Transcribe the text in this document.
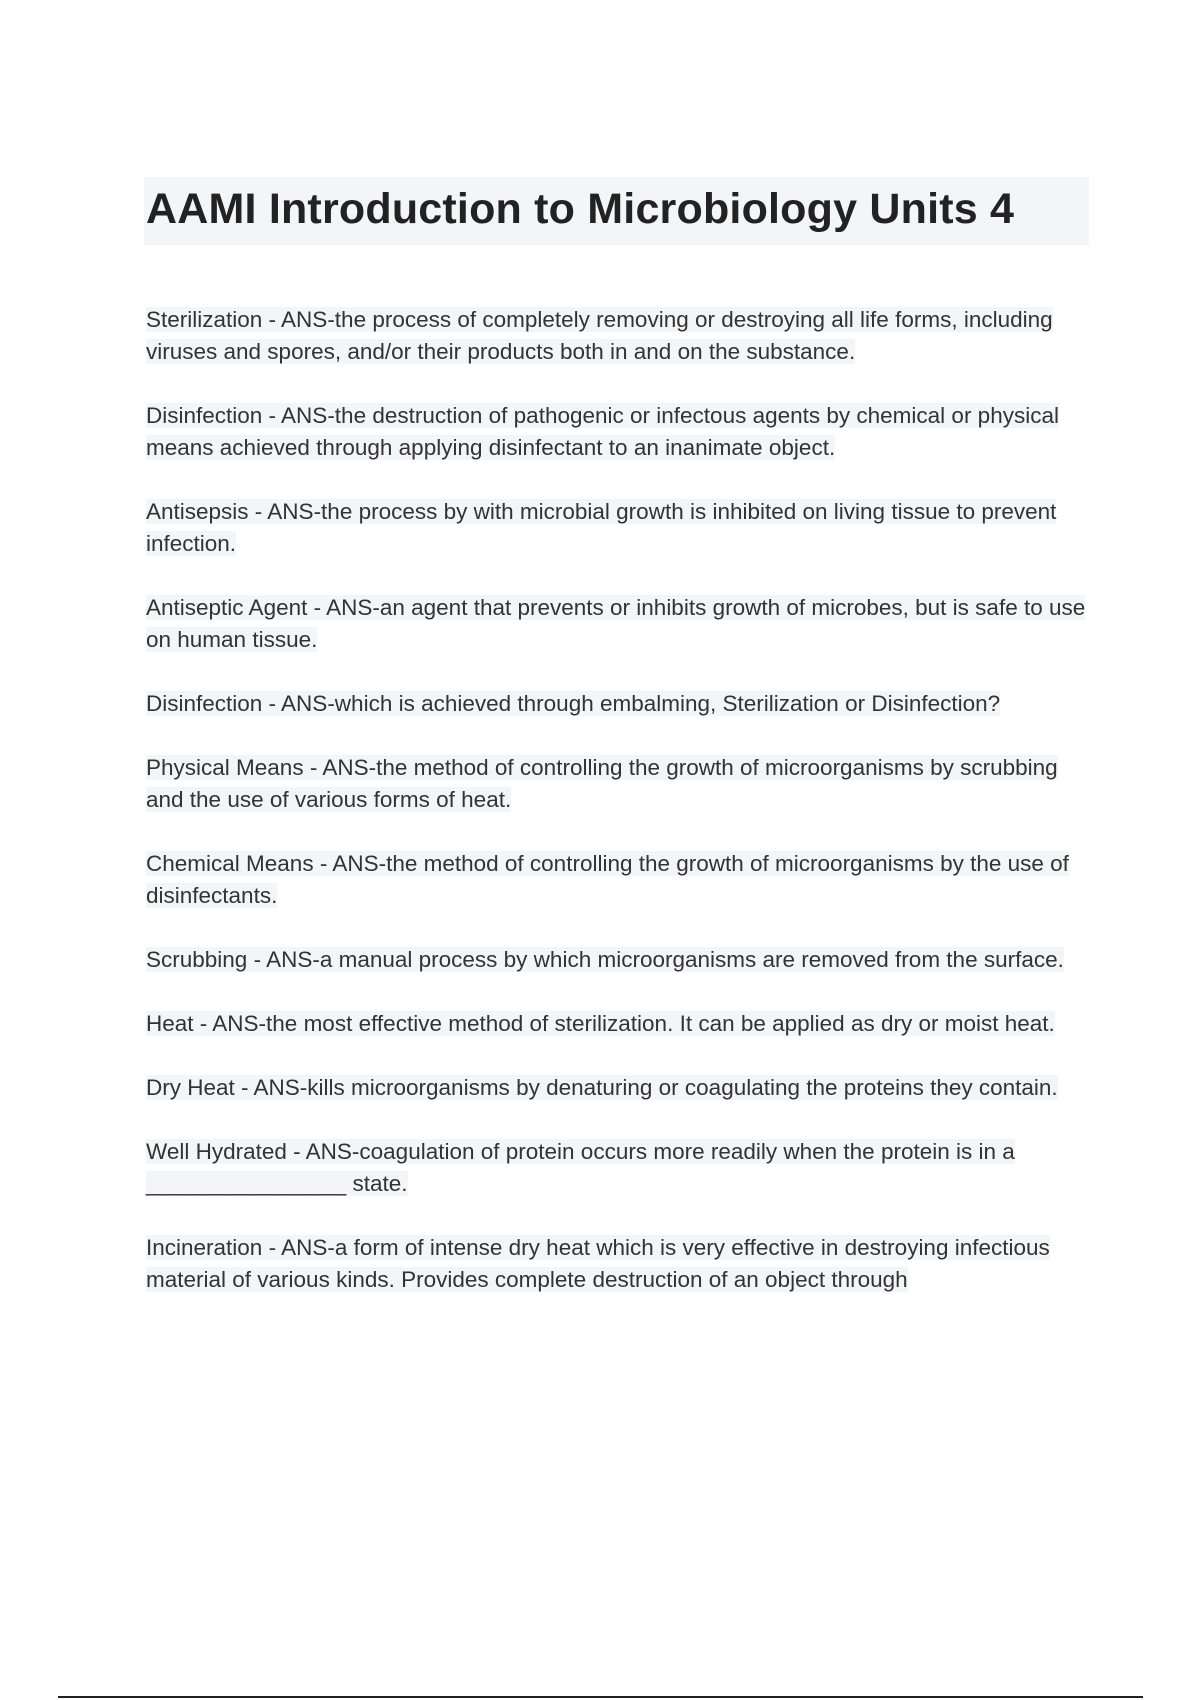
AAMI Introduction to Microbiology Units 4

Sterilization - ANS-the process of completely removing or destroying all life forms, including viruses and spores, and/or their products both in and on the substance.

Disinfection - ANS-the destruction of pathogenic or infectous agents by chemical or physical means achieved through applying disinfectant to an inanimate object.

Antisepsis - ANS-the process by with microbial growth is inhibited on living tissue to prevent infection.

Antiseptic Agent - ANS-an agent that prevents or inhibits growth of microbes, but is safe to use on human tissue.

Disinfection - ANS-which is achieved through embalming, Sterilization or Disinfection?

Physical Means - ANS-the method of controlling the growth of microorganisms by scrubbing and the use of various forms of heat.

Chemical Means - ANS-the method of controlling the growth of microorganisms by the use of disinfectants.

Scrubbing - ANS-a manual process by which microorganisms are removed from the surface.

Heat - ANS-the most effective method of sterilization. It can be applied as dry or moist heat.

Dry Heat - ANS-kills microorganisms by denaturing or coagulating the proteins they contain.

Well Hydrated - ANS-coagulation of protein occurs more readily when the protein is in a ________________ state.

Incineration - ANS-a form of intense dry heat which is very effective in destroying infectious material of various kinds. Provides complete destruction of an object through
